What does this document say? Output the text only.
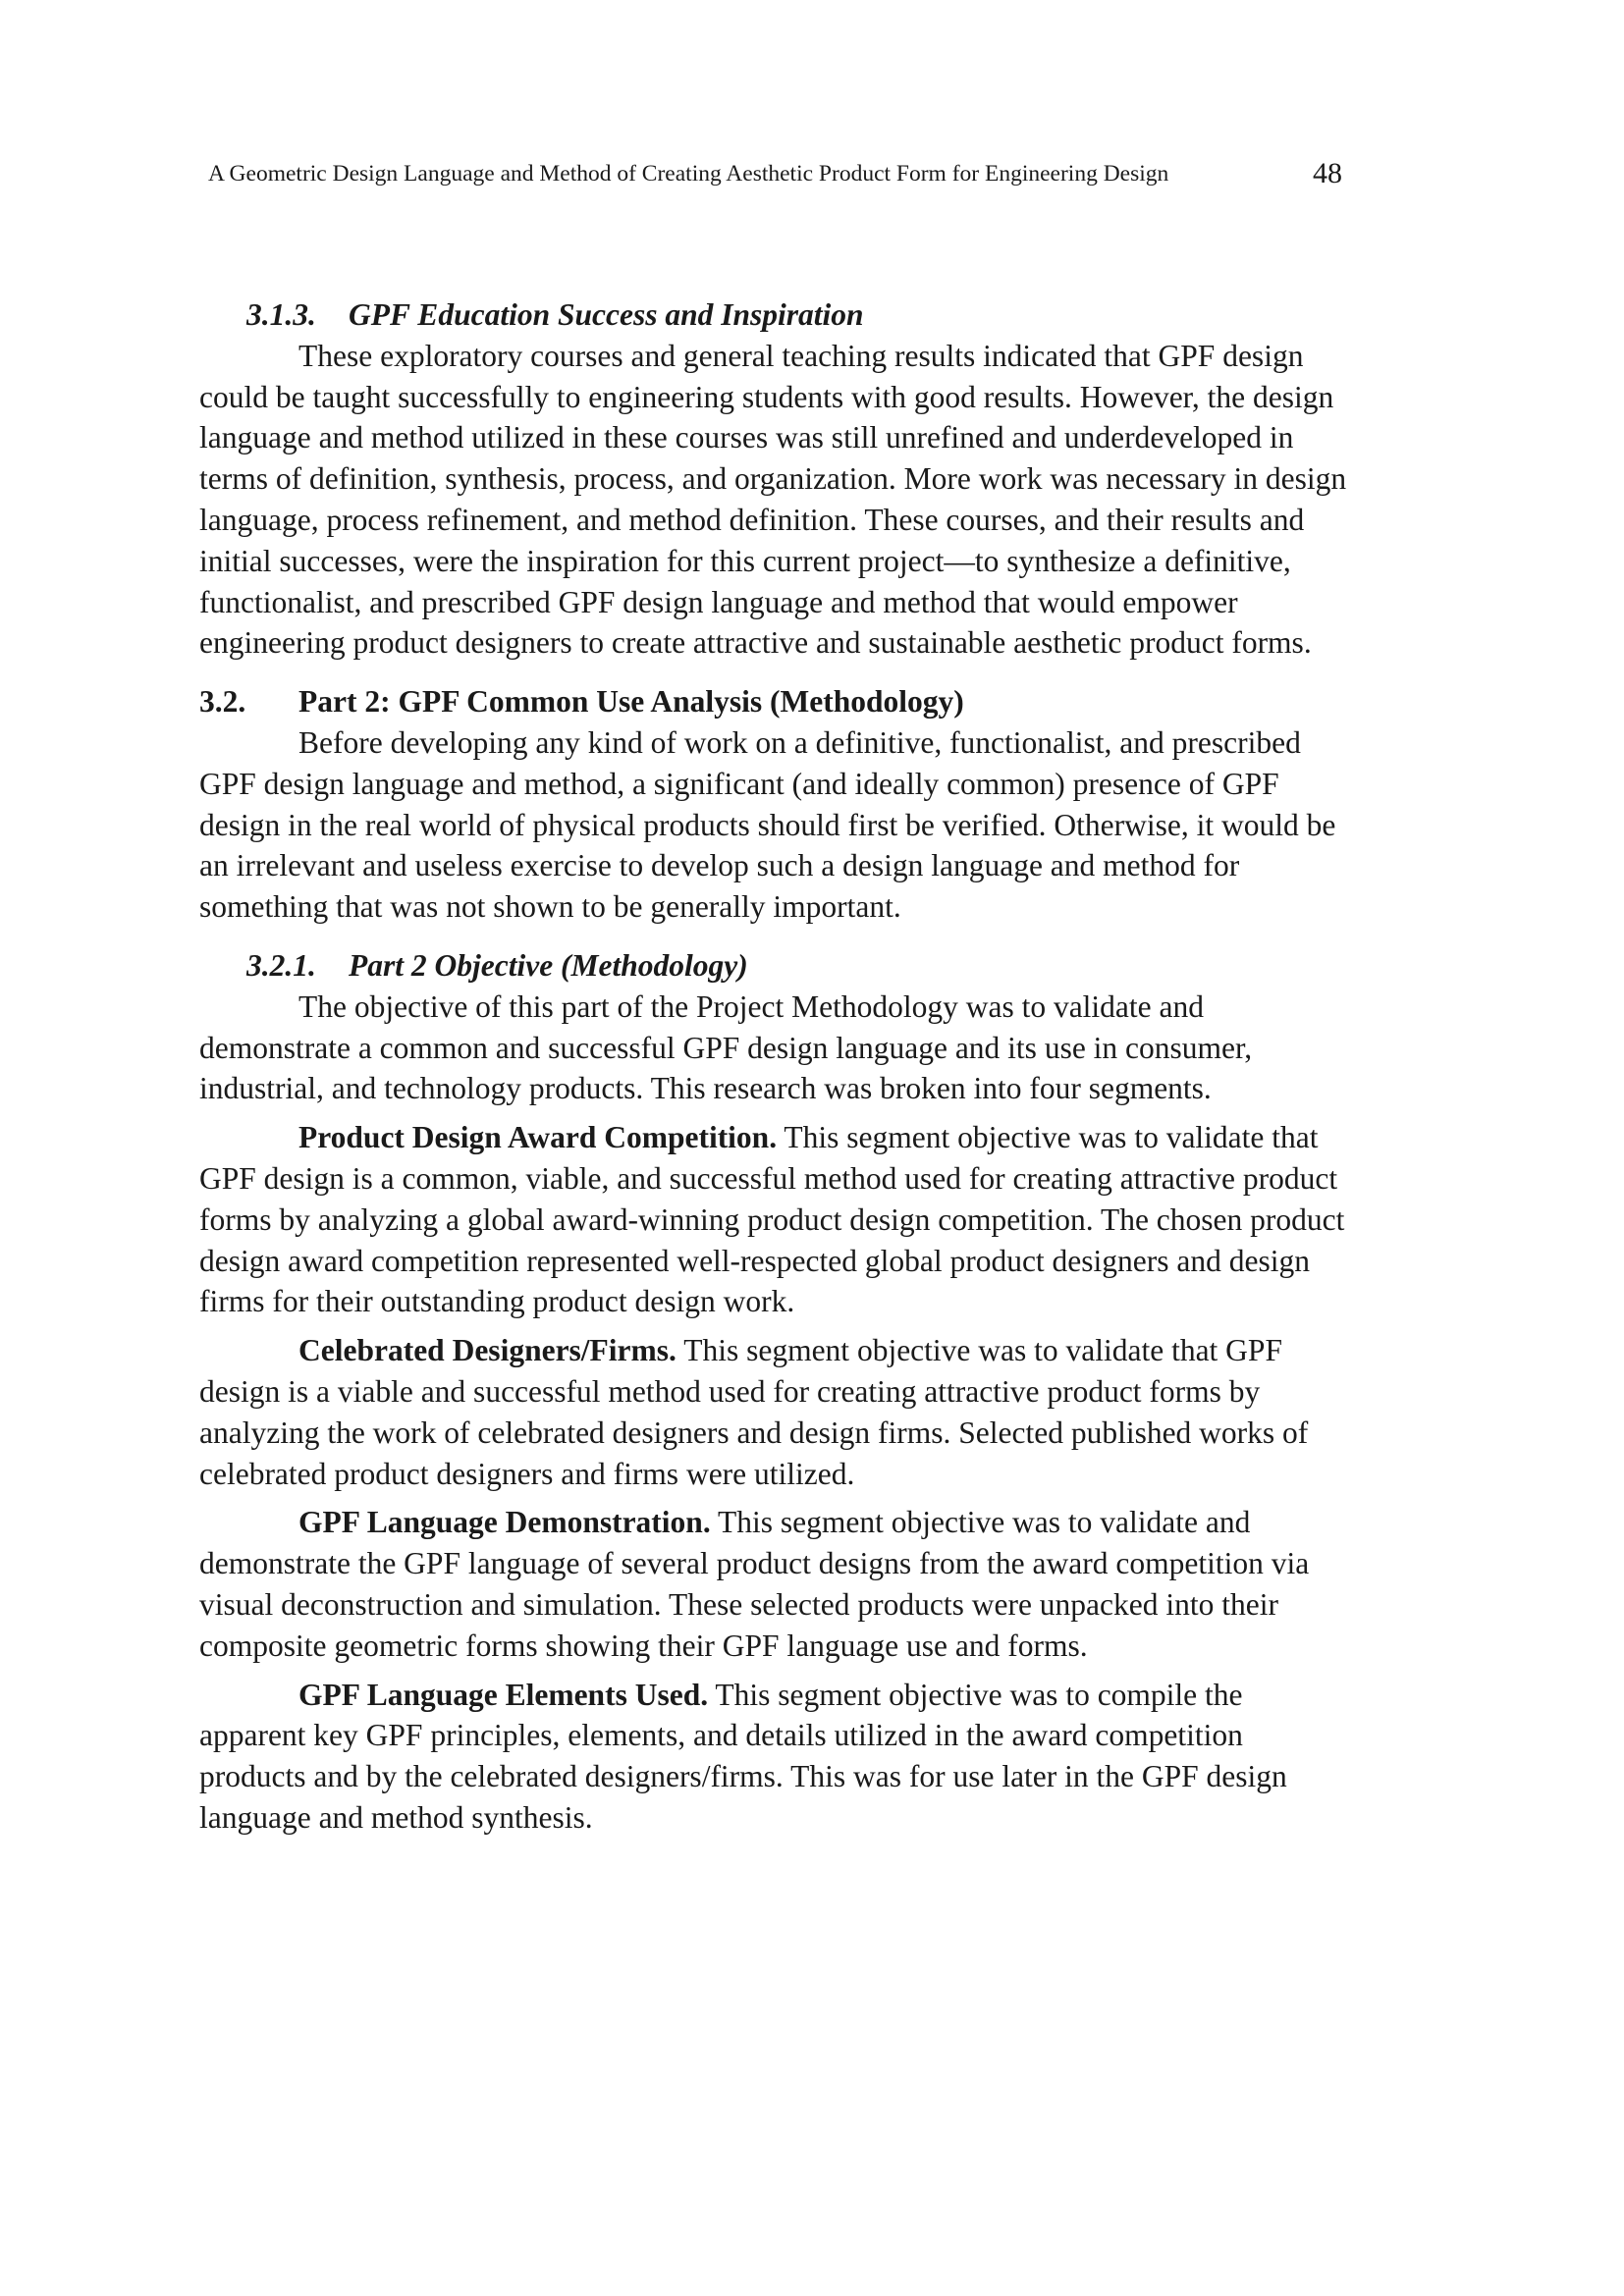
A Geometric Design Language and Method of Creating Aesthetic Product Form for Engineering Design	48
3.1.3. GPF Education Success and Inspiration

These exploratory courses and general teaching results indicated that GPF design could be taught successfully to engineering students with good results. However, the design language and method utilized in these courses was still unrefined and underdeveloped in terms of definition, synthesis, process, and organization. More work was necessary in design language, process refinement, and method definition. These courses, and their results and initial successes, were the inspiration for this current project—to synthesize a definitive, functionalist, and prescribed GPF design language and method that would empower engineering product designers to create attractive and sustainable aesthetic product forms.

3.2. Part 2: GPF Common Use Analysis (Methodology)

Before developing any kind of work on a definitive, functionalist, and prescribed GPF design language and method, a significant (and ideally common) presence of GPF design in the real world of physical products should first be verified. Otherwise, it would be an irrelevant and useless exercise to develop such a design language and method for something that was not shown to be generally important.

3.2.1. Part 2 Objective (Methodology)

The objective of this part of the Project Methodology was to validate and demonstrate a common and successful GPF design language and its use in consumer, industrial, and technology products. This research was broken into four segments.

Product Design Award Competition. This segment objective was to validate that GPF design is a common, viable, and successful method used for creating attractive product forms by analyzing a global award-winning product design competition. The chosen product design award competition represented well-respected global product designers and design firms for their outstanding product design work.

Celebrated Designers/Firms. This segment objective was to validate that GPF design is a viable and successful method used for creating attractive product forms by analyzing the work of celebrated designers and design firms. Selected published works of celebrated product designers and firms were utilized.

GPF Language Demonstration. This segment objective was to validate and demonstrate the GPF language of several product designs from the award competition via visual deconstruction and simulation. These selected products were unpacked into their composite geometric forms showing their GPF language use and forms.

GPF Language Elements Used. This segment objective was to compile the apparent key GPF principles, elements, and details utilized in the award competition products and by the celebrated designers/firms. This was for use later in the GPF design language and method synthesis.
